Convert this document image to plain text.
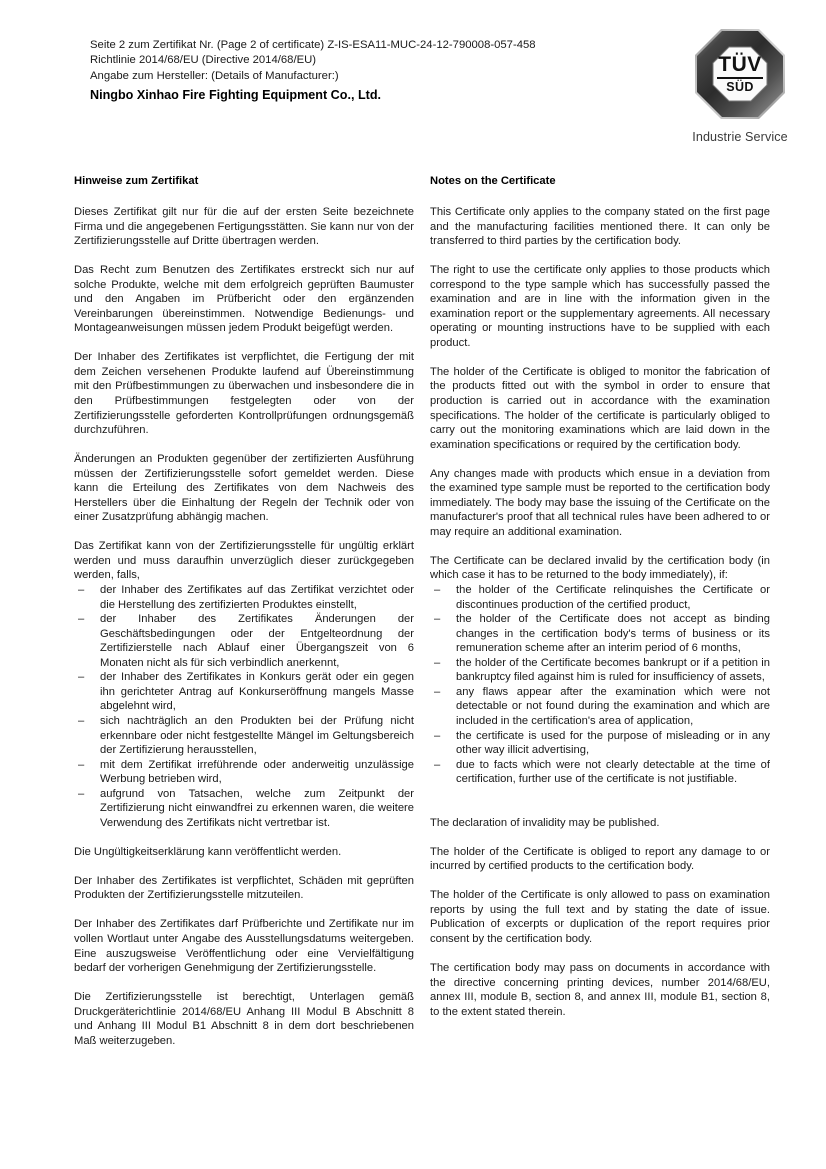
Seite 2 zum Zertifikat Nr. (Page 2 of certificate) Z-IS-ESA11-MUC-24-12-790008-057-458
Richtlinie 2014/68/EU (Directive 2014/68/EU)
Angabe zum Hersteller: (Details of Manufacturer:)
Ningbo Xinhao Fire Fighting Equipment Co., Ltd.
TÜV
SÜD
Industrie Service
Hinweise zum Zertifikat
Dieses Zertifikat gilt nur für die auf der ersten Seite bezeichnete Firma und die angegebenen Fertigungsstätten. Sie kann nur von der Zertifizierungsstelle auf Dritte übertragen werden.
Das Recht zum Benutzen des Zertifikates erstreckt sich nur auf solche Produkte, welche mit dem erfolgreich geprüften Baumuster und den Angaben im Prüfbericht oder den ergänzenden Vereinbarungen übereinstimmen. Notwendige Bedienungs- und Montageanweisungen müssen jedem Produkt beigefügt werden.
Der Inhaber des Zertifikates ist verpflichtet, die Fertigung der mit dem Zeichen versehenen Produkte laufend auf Übereinstimmung mit den Prüfbestimmungen zu überwachen und insbesondere die in den Prüfbestimmungen festgelegten oder von der Zertifizierungsstelle geforderten Kontrollprüfungen ordnungsgemäß durchzuführen.
Änderungen an Produkten gegenüber der zertifizierten Ausführung müssen der Zertifizierungsstelle sofort gemeldet werden. Diese kann die Erteilung des Zertifikates von dem Nachweis des Herstellers über die Einhaltung der Regeln der Technik oder von einer Zusatzprüfung abhängig machen.
Das Zertifikat kann von der Zertifizierungsstelle für ungültig erklärt werden und muss daraufhin unverzüglich dieser zurückgegeben werden, falls,
– der Inhaber des Zertifikates auf das Zertifikat verzichtet oder die Herstellung des zertifizierten Produktes einstellt,
– der Inhaber des Zertifikates Änderungen der Geschäftsbedingungen oder der Entgelteordnung der Zertifizierstelle nach Ablauf einer Übergangszeit von 6 Monaten nicht als für sich verbindlich anerkennt,
– der Inhaber des Zertifikates in Konkurs gerät oder ein gegen ihn gerichteter Antrag auf Konkurseröffnung mangels Masse abgelehnt wird,
– sich nachträglich an den Produkten bei der Prüfung nicht erkennbare oder nicht festgestellte Mängel im Geltungsbereich der Zertifizierung herausstellen,
– mit dem Zertifikat irreführende oder anderweitig unzulässige Werbung betrieben wird,
– aufgrund von Tatsachen, welche zum Zeitpunkt der Zertifizierung nicht einwandfrei zu erkennen waren, die weitere Verwendung des Zertifikats nicht vertretbar ist.
Die Ungültigkeitserklärung kann veröffentlicht werden.
Der Inhaber des Zertifikates ist verpflichtet, Schäden mit geprüften Produkten der Zertifizierungsstelle mitzuteilen.
Der Inhaber des Zertifikates darf Prüfberichte und Zertifikate nur im vollen Wortlaut unter Angabe des Ausstellungsdatums weitergeben. Eine auszugsweise Veröffentlichung oder eine Vervielfältigung bedarf der vorherigen Genehmigung der Zertifizierungsstelle.
Die Zertifizierungsstelle ist berechtigt, Unterlagen gemäß Druckgeräterichtlinie 2014/68/EU Anhang III Modul B Abschnitt 8 und Anhang III Modul B1 Abschnitt 8 in dem dort beschriebenen Maß weiterzugeben.
Notes on the Certificate
This Certificate only applies to the company stated on the first page and the manufacturing facilities mentioned there. It can only be transferred to third parties by the certification body.
The right to use the certificate only applies to those products which correspond to the type sample which has successfully passed the examination and are in line with the information given in the examination report or the supplementary agreements. All necessary operating or mounting instructions have to be supplied with each product.
The holder of the Certificate is obliged to monitor the fabrication of the products fitted out with the symbol in order to ensure that production is carried out in accordance with the examination specifications. The holder of the certificate is particularly obliged to carry out the monitoring examinations which are laid down in the examination specifications or required by the certification body.
Any changes made with products which ensue in a deviation from the examined type sample must be reported to the certification body immediately. The body may base the issuing of the Certificate on the manufacturer's proof that all technical rules have been adhered to or may require an additional examination.
The Certificate can be declared invalid by the certification body (in which case it has to be returned to the body immediately), if:
– the holder of the Certificate relinquishes the Certificate or discontinues production of the certified product,
– the holder of the Certificate does not accept as binding changes in the certification body's terms of business or its remuneration scheme after an interim period of 6 months,
– the holder of the Certificate becomes bankrupt or if a petition in bankruptcy filed against him is ruled for insufficiency of assets,
– any flaws appear after the examination which were not detectable or not found during the examination and which are included in the certification's area of application,
– the certificate is used for the purpose of misleading or in any other way illicit advertising,
– due to facts which were not clearly detectable at the time of certification, further use of the certificate is not justifiable.
The declaration of invalidity may be published.
The holder of the Certificate is obliged to report any damage to or incurred by certified products to the certification body.
The holder of the Certificate is only allowed to pass on examination reports by using the full text and by stating the date of issue. Publication of excerpts or duplication of the report requires prior consent by the certification body.
The certification body may pass on documents in accordance with the directive concerning printing devices, number 2014/68/EU, annex III, module B, section 8, and annex III, module B1, section 8, to the extent stated therein.
